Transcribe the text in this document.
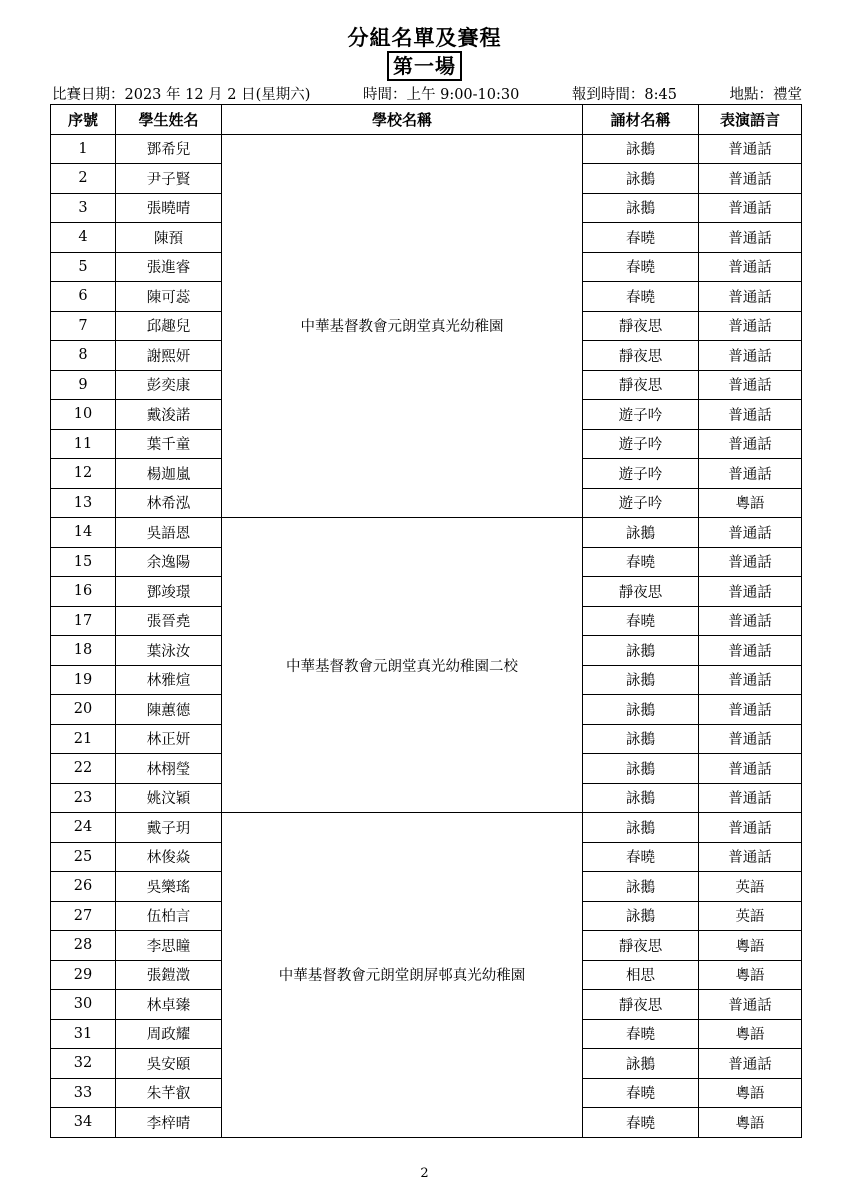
分組名單及賽程
第一場
比賽日期：2023 年 12 月 2 日(星期六)	時間：上午 9:00-10:30	報到時間：8:45	地點：禮堂
序號	學生姓名	學校名稱	誦材名稱	表演語言
1	鄧希兒	中華基督教會元朗堂真光幼稚園	詠鵝	普通話
2	尹子賢		詠鵝	普通話
3	張曉晴		詠鵝	普通話
4	陳預		春曉	普通話
5	張進睿		春曉	普通話
6	陳可蕊		春曉	普通話
7	邱趣兒		靜夜思	普通話
8	謝熙妍		靜夜思	普通話
9	彭奕康		靜夜思	普通話
10	戴浚諾		遊子吟	普通話
11	葉千童		遊子吟	普通話
12	楊迦嵐		遊子吟	普通話
13	林希泓		遊子吟	粵語
14	吳語恩	中華基督教會元朗堂真光幼稚園二校	詠鵝	普通話
15	余逸陽		春曉	普通話
16	鄧竣璟		靜夜思	普通話
17	張晉堯		春曉	普通話
18	葉泳汝		詠鵝	普通話
19	林雅煊		詠鵝	普通話
20	陳蕙德		詠鵝	普通話
21	林正妍		詠鵝	普通話
22	林栩瑩		詠鵝	普通話
23	姚汶穎		詠鵝	普通話
24	戴子玥	中華基督教會元朗堂朗屏邨真光幼稚園	詠鵝	普通話
25	林俊焱		春曉	普通話
26	吳樂瑤		詠鵝	英語
27	伍柏言		詠鵝	英語
28	李思瞳		靜夜思	粵語
29	張鎧澂		相思	粵語
30	林卓臻		靜夜思	普通話
31	周政耀		春曉	粵語
32	吳安頤		詠鵝	普通話
33	朱芊叡		春曉	粵語
34	李梓晴		春曉	粵語
2
